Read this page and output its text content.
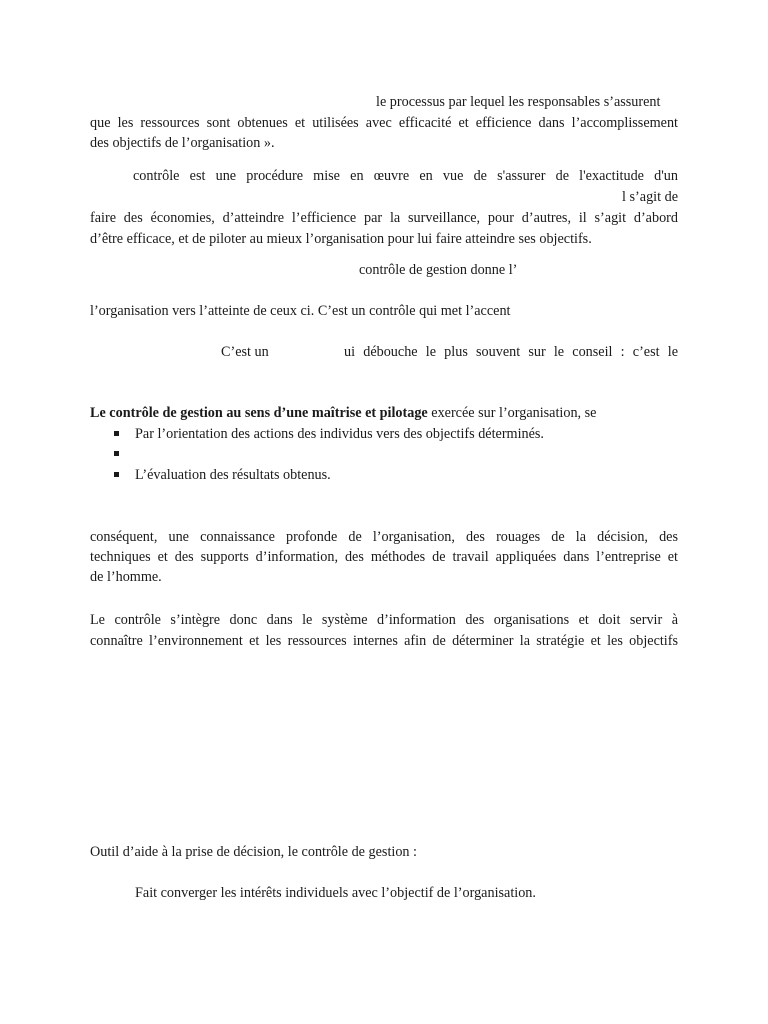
le processus par lequel les responsables s’assurent
que les ressources sont obtenues et utilisées avec efficacité et efficience dans l’accomplissement
des objectifs de l’organisation ».
contrôle est une procédure mise en œuvre en vue de s'assurer de l'exactitude d'un
l s’agit de
faire des économies, d’atteindre l’efficience par la surveillance, pour d’autres, il s’agit d’abord
d’être efficace, et de piloter au mieux l’organisation pour lui faire atteindre ses objectifs.
contrôle de gestion donne l’
l’organisation vers l’atteinte de ceux ci. C’est un contrôle qui met l’accent
C’est un	ui débouche le plus souvent sur le conseil : c’est le
Le contrôle de gestion au sens d’une maîtrise et pilotage exercée sur l’organisation, se
Par l’orientation des actions des individus vers des objectifs déterminés.
L’évaluation des résultats obtenus.
conséquent, une connaissance profonde de l’organisation, des rouages de la décision, des
techniques et des supports d’information, des méthodes de travail appliquées dans l’entreprise et
de l’homme.
Le contrôle s’intègre donc dans le système d’information des organisations et doit servir à
connaître l’environnement et les ressources internes afin de déterminer la stratégie et les objectifs
Outil d’aide à la prise de décision, le contrôle de gestion :
Fait converger les intérêts individuels avec l’objectif de l’organisation.
